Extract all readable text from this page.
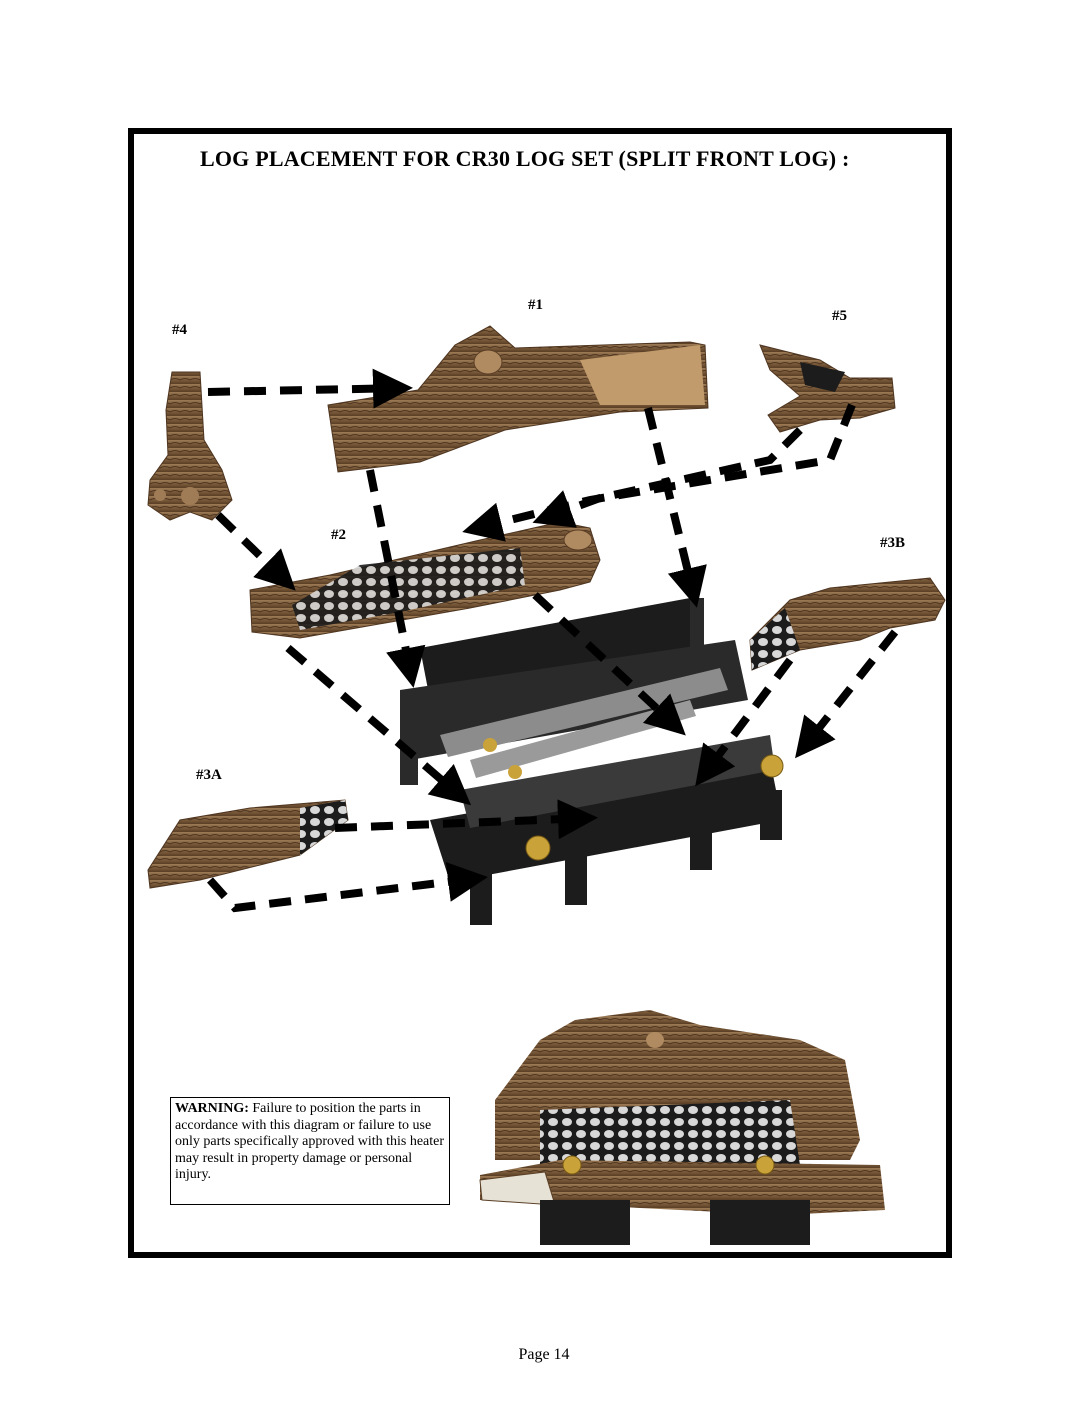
LOG PLACEMENT FOR CR30 LOG SET (SPLIT FRONT LOG) :
#1
#4
#5
#2	#3B
#3A
WARNING: Failure to position the parts in accordance with this diagram or failure to use only parts specifically approved with this heater may result in property damage or personal injury.
Page 14
